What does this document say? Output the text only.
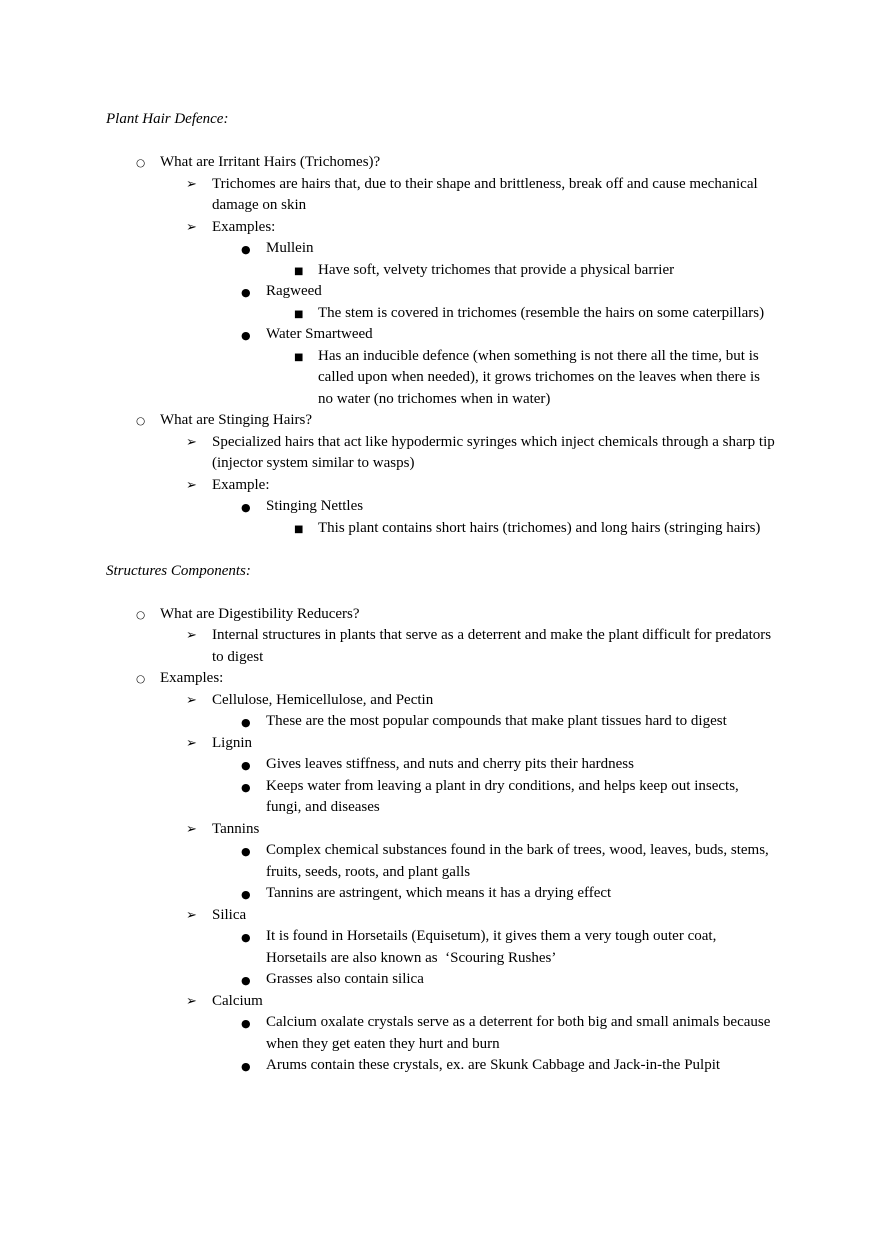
Plant Hair Defence:
○ What are Irritant Hairs (Trichomes)?
➢ Trichomes are hairs that, due to their shape and brittleness, break off and cause mechanical damage on skin
➢ Examples:
● Mullein
■ Have soft, velvety trichomes that provide a physical barrier
● Ragweed
■ The stem is covered in trichomes (resemble the hairs on some caterpillars)
● Water Smartweed
■ Has an inducible defence (when something is not there all the time, but is called upon when needed), it grows trichomes on the leaves when there is no water (no trichomes when in water)
○ What are Stinging Hairs?
➢ Specialized hairs that act like hypodermic syringes which inject chemicals through a sharp tip (injector system similar to wasps)
➢ Example:
● Stinging Nettles
■ This plant contains short hairs (trichomes) and long hairs (stringing hairs)
Structures Components:
○ What are Digestibility Reducers?
➢ Internal structures in plants that serve as a deterrent and make the plant difficult for predators to digest
○ Examples:
➢ Cellulose, Hemicellulose, and Pectin
● These are the most popular compounds that make plant tissues hard to digest
➢ Lignin
● Gives leaves stiffness, and nuts and cherry pits their hardness
● Keeps water from leaving a plant in dry conditions, and helps keep out insects, fungi, and diseases
➢ Tannins
● Complex chemical substances found in the bark of trees, wood, leaves, buds, stems, fruits, seeds, roots, and plant galls
● Tannins are astringent, which means it has a drying effect
➢ Silica
● It is found in Horsetails (Equisetum), it gives them a very tough outer coat, Horsetails are also known as  ‘Scouring Rushes’
● Grasses also contain silica
➢ Calcium
● Calcium oxalate crystals serve as a deterrent for both big and small animals because when they get eaten they hurt and burn
● Arums contain these crystals, ex. are Skunk Cabbage and Jack-in-the Pulpit
